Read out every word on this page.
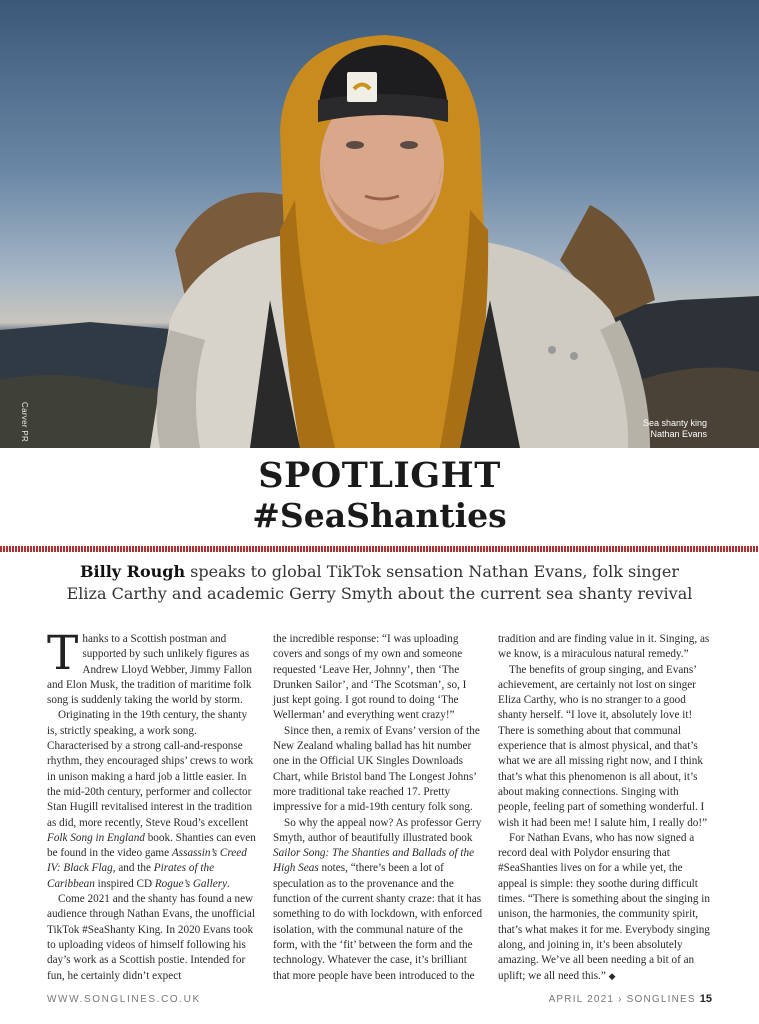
Carver PR	Sea shanty king
Nathan Evans
SPOTLIGHT
#SeaShanties
Billy Rough speaks to global TikTok sensation Nathan Evans, folk singer
Eliza Carthy and academic Gerry Smyth about the current sea shanty revival

Thanks to a Scottish postman and supported by such unlikely figures as Andrew Lloyd Webber, Jimmy Fallon and Elon Musk, the tradition of maritime folk song is suddenly taking the world by storm.

Originating in the 19th century, the shanty is, strictly speaking, a work song. Characterised by a strong call-and-response rhythm, they encouraged ships’ crews to work in unison making a hard job a little easier. In the mid-20th century, performer and collector Stan Hugill revitalised interest in the tradition as did, more recently, Steve Roud’s excellent Folk Song in England book. Shanties can even be found in the video game Assassin’s Creed IV: Black Flag, and the Pirates of the Caribbean inspired CD Rogue’s Gallery.

Come 2021 and the shanty has found a new audience through Nathan Evans, the unofficial TikTok #SeaShanty King. In 2020 Evans took to uploading videos of himself following his day’s work as a Scottish postie. Intended for fun, he certainly didn’t expect

the incredible response: “I was uploading covers and songs of my own and someone requested ‘Leave Her, Johnny’, then ‘The Drunken Sailor’, and ‘The Scotsman’, so, I just kept going. I got round to doing ‘The Wellerman’ and everything went crazy!”

Since then, a remix of Evans’ version of the New Zealand whaling ballad has hit number one in the Official UK Singles Downloads Chart, while Bristol band The Longest Johns’ more traditional take reached 17. Pretty impressive for a mid-19th century folk song.

So why the appeal now? As professor Gerry Smyth, author of beautifully illustrated book Sailor Song: The Shanties and Ballads of the High Seas notes, “there’s been a lot of speculation as to the provenance and the function of the current shanty craze: that it has something to do with lockdown, with enforced isolation, with the communal nature of the form, with the ‘fit’ between the form and the technology. Whatever the case, it’s brilliant that more people have been introduced to the

tradition and are finding value in it. Singing, as we know, is a miraculous natural remedy.”

The benefits of group singing, and Evans’ achievement, are certainly not lost on singer Eliza Carthy, who is no stranger to a good shanty herself. “I love it, absolutely love it! There is something about that communal experience that is almost physical, and that’s what we are all missing right now, and I think that’s what this phenomenon is all about, it’s about making connections. Singing with people, feeling part of something wonderful. I wish it had been me! I salute him, I really do!”

For Nathan Evans, who has now signed a record deal with Polydor ensuring that #SeaShanties lives on for a while yet, the appeal is simple: they soothe during difficult times. “There is something about the singing in unison, the harmonies, the community spirit, that’s what makes it for me. Everybody singing along, and joining in, it’s been absolutely amazing. We’ve all been needing a bit of an uplift; we all need this.” ◆

WWW.SONGLINES.CO.UK	APRIL 2021 › SONGLINES 15
